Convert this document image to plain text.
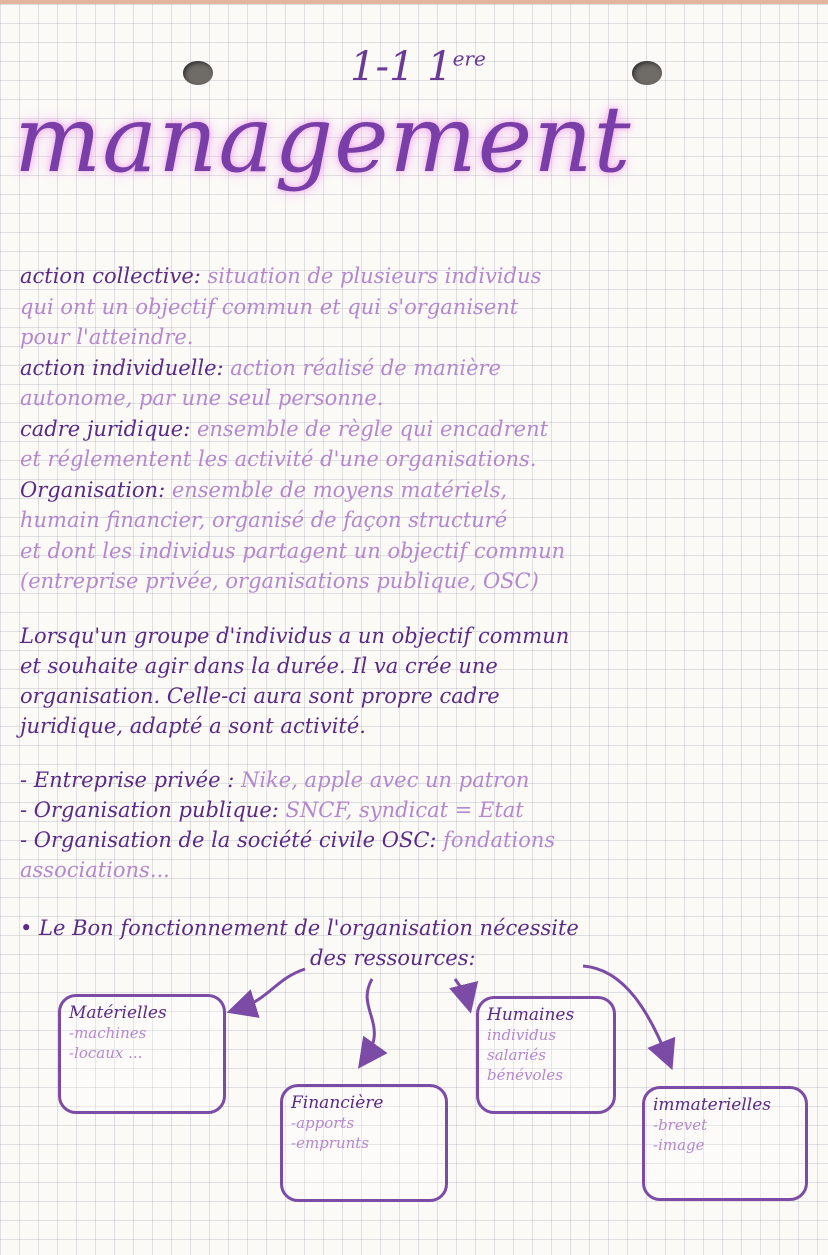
1-1 1ere
management
action collective: situation de plusieurs individus
qui ont un objectif commun et qui s'organisent
pour l'atteindre.
action individuelle: action réalisé de manière
autonome, par une seul personne.
cadre juridique: ensemble de règle qui encadrent
et réglementent les activité d'une organisations.
Organisation: ensemble de moyens matériels,
humain financier, organisé de façon structuré
et dont les individus partagent un objectif commun
(entreprise privée, organisations publique, OSC)
Lorsqu'un groupe d'individus a un objectif commun
et souhaite agir dans la durée. Il va crée une
organisation. Celle-ci aura sont propre cadre
juridique, adapté a sont activité.
- Entreprise privée : Nike, apple avec un patron
- Organisation publique: SNCF, syndicat = Etat
- Organisation de la société civile OSC: fondations
associations...
• Le Bon fonctionnement de l'organisation nécessite
des ressources:
Matérielles
-machines
-locaux ...
Financière
-apports
-emprunts
Humaines
individus
salariés
bénévoles
immaterielles
-brevet
-image
